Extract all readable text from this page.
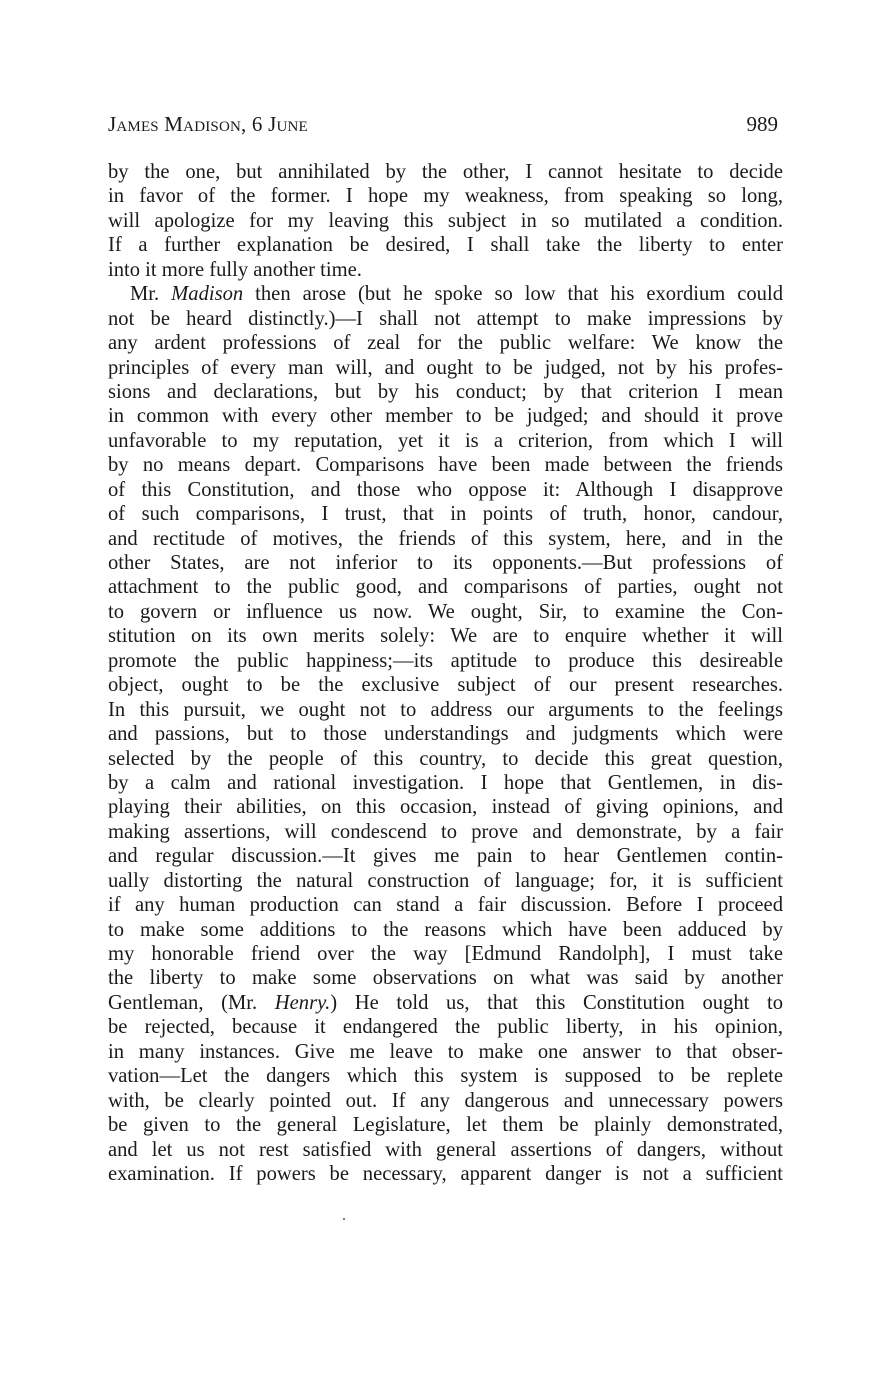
James Madison, 6 June	989
by the one, but annihilated by the other, I cannot hesitate to decide
in favor of the former. I hope my weakness, from speaking so long,
will apologize for my leaving this subject in so mutilated a condition.
If a further explanation be desired, I shall take the liberty to enter
into it more fully another time.
Mr. Madison then arose (but he spoke so low that his exordium could
not be heard distinctly.)—I shall not attempt to make impressions by
any ardent professions of zeal for the public welfare: We know the
principles of every man will, and ought to be judged, not by his profes-
sions and declarations, but by his conduct; by that criterion I mean
in common with every other member to be judged; and should it prove
unfavorable to my reputation, yet it is a criterion, from which I will
by no means depart. Comparisons have been made between the friends
of this Constitution, and those who oppose it: Although I disapprove
of such comparisons, I trust, that in points of truth, honor, candour,
and rectitude of motives, the friends of this system, here, and in the
other States, are not inferior to its opponents.—But professions of
attachment to the public good, and comparisons of parties, ought not
to govern or influence us now. We ought, Sir, to examine the Con-
stitution on its own merits solely: We are to enquire whether it will
promote the public happiness;—its aptitude to produce this desireable
object, ought to be the exclusive subject of our present researches.
In this pursuit, we ought not to address our arguments to the feelings
and passions, but to those understandings and judgments which were
selected by the people of this country, to decide this great question,
by a calm and rational investigation. I hope that Gentlemen, in dis-
playing their abilities, on this occasion, instead of giving opinions, and
making assertions, will condescend to prove and demonstrate, by a fair
and regular discussion.—It gives me pain to hear Gentlemen contin-
ually distorting the natural construction of language; for, it is sufficient
if any human production can stand a fair discussion. Before I proceed
to make some additions to the reasons which have been adduced by
my honorable friend over the way [Edmund Randolph], I must take
the liberty to make some observations on what was said by another
Gentleman, (Mr. Henry.) He told us, that this Constitution ought to
be rejected, because it endangered the public liberty, in his opinion,
in many instances. Give me leave to make one answer to that obser-
vation—Let the dangers which this system is supposed to be replete
with, be clearly pointed out. If any dangerous and unnecessary powers
be given to the general Legislature, let them be plainly demonstrated,
and let us not rest satisfied with general assertions of dangers, without
examination. If powers be necessary, apparent danger is not a sufficient
